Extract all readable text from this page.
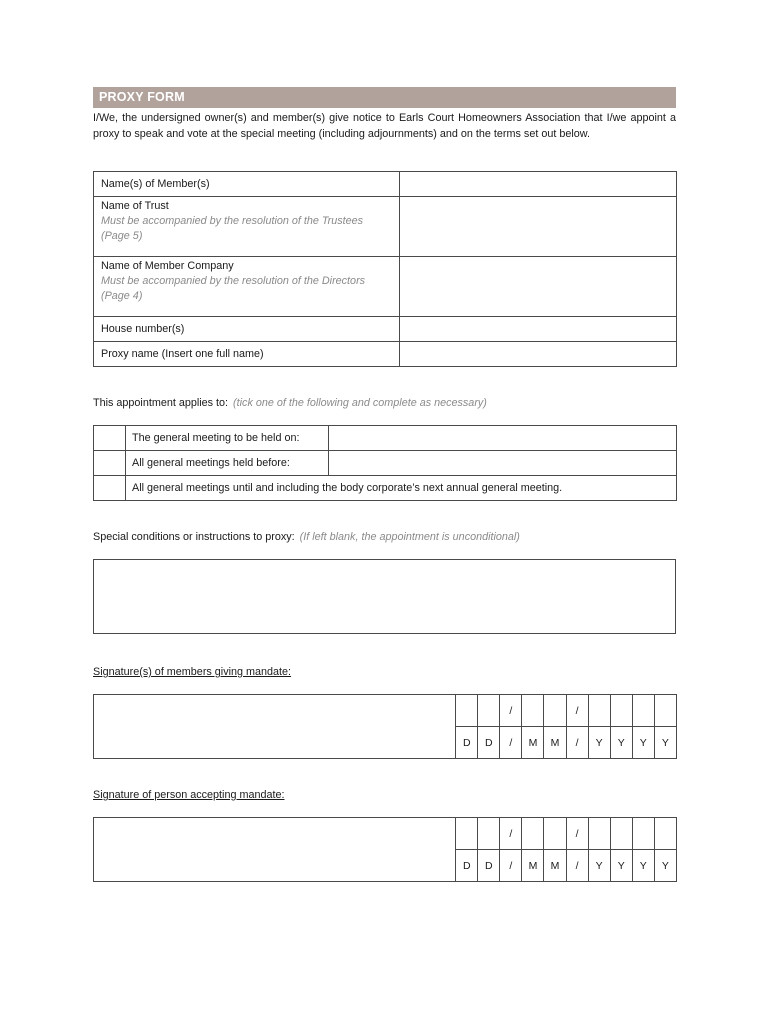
PROXY FORM
I/We, the undersigned owner(s) and member(s) give notice to Earls Court Homeowners Association that I/we appoint a proxy to speak and vote at the special meeting (including adjournments) and on the terms set out below.
Name(s) of Member(s)	

Name of Trust
Must be accompanied by the resolution of the Trustees
(Page 5)	

Name of Member Company
Must be accompanied by the resolution of the Directors
(Page 4)	

House number(s)	
Proxy name (Insert one full name)	
This appointment applies to: (tick one of the following and complete as necessary)
	The general meeting to be held on:	
	All general meetings held before:	
	All general meetings until and including the body corporate’s next annual general meeting.	
Special conditions or instructions to proxy: (If left blank, the appointment is unconditional)
Signature(s) of members giving mandate:
			/			/				
	D	D	/	M	M	/	Y	Y	Y	Y
Signature of person accepting mandate:
			/			/				
	D	D	/	M	M	/	Y	Y	Y	Y
